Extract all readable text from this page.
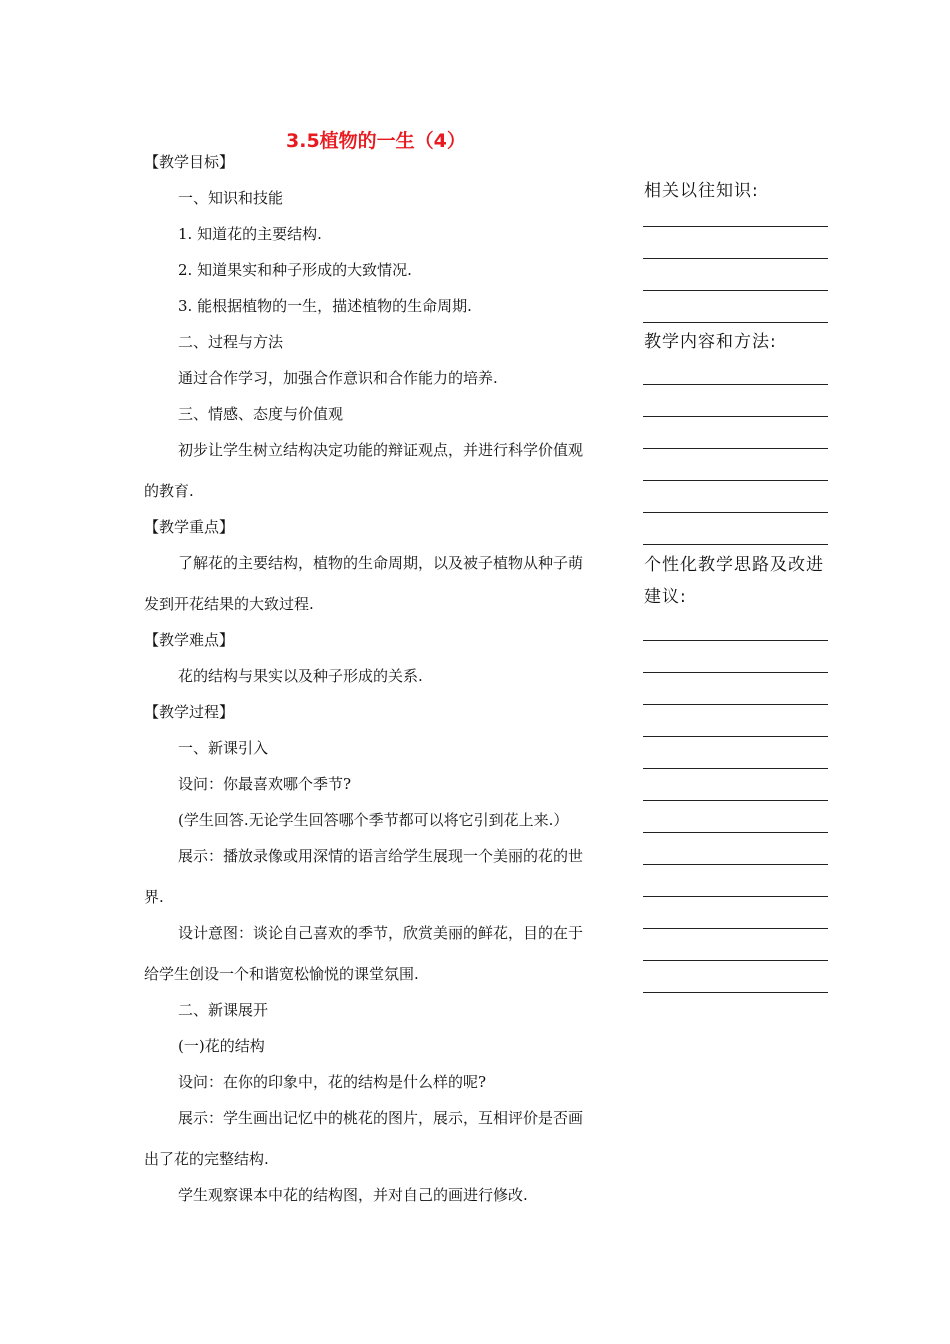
3.5植物的一生（4）
【教学目标】
一、知识和技能
1. 知道花的主要结构.
2. 知道果实和种子形成的大致情况.
3. 能根据植物的一生，描述植物的生命周期.
二、过程与方法
通过合作学习，加强合作意识和合作能力的培养.
三、情感、态度与价值观
初步让学生树立结构决定功能的辩证观点，并进行科学价值观
的教育.
【教学重点】
了解花的主要结构，植物的生命周期，以及被子植物从种子萌
发到开花结果的大致过程.
【教学难点】
花的结构与果实以及种子形成的关系.
【教学过程】
一、新课引入
设问：你最喜欢哪个季节?
(学生回答.无论学生回答哪个季节都可以将它引到花上来.）
展示：播放录像或用深情的语言给学生展现一个美丽的花的世
界.
设计意图：谈论自己喜欢的季节，欣赏美丽的鲜花，目的在于
给学生创设一个和谐宽松愉悦的课堂氛围.
二、新课展开
(一)花的结构
设问：在你的印象中，花的结构是什么样的呢?
展示：学生画出记忆中的桃花的图片，展示，互相评价是否画
出了花的完整结构.
学生观察课本中花的结构图，并对自己的画进行修改.
相关以往知识:
教学内容和方法:
个性化教学思路及改进
建议:
